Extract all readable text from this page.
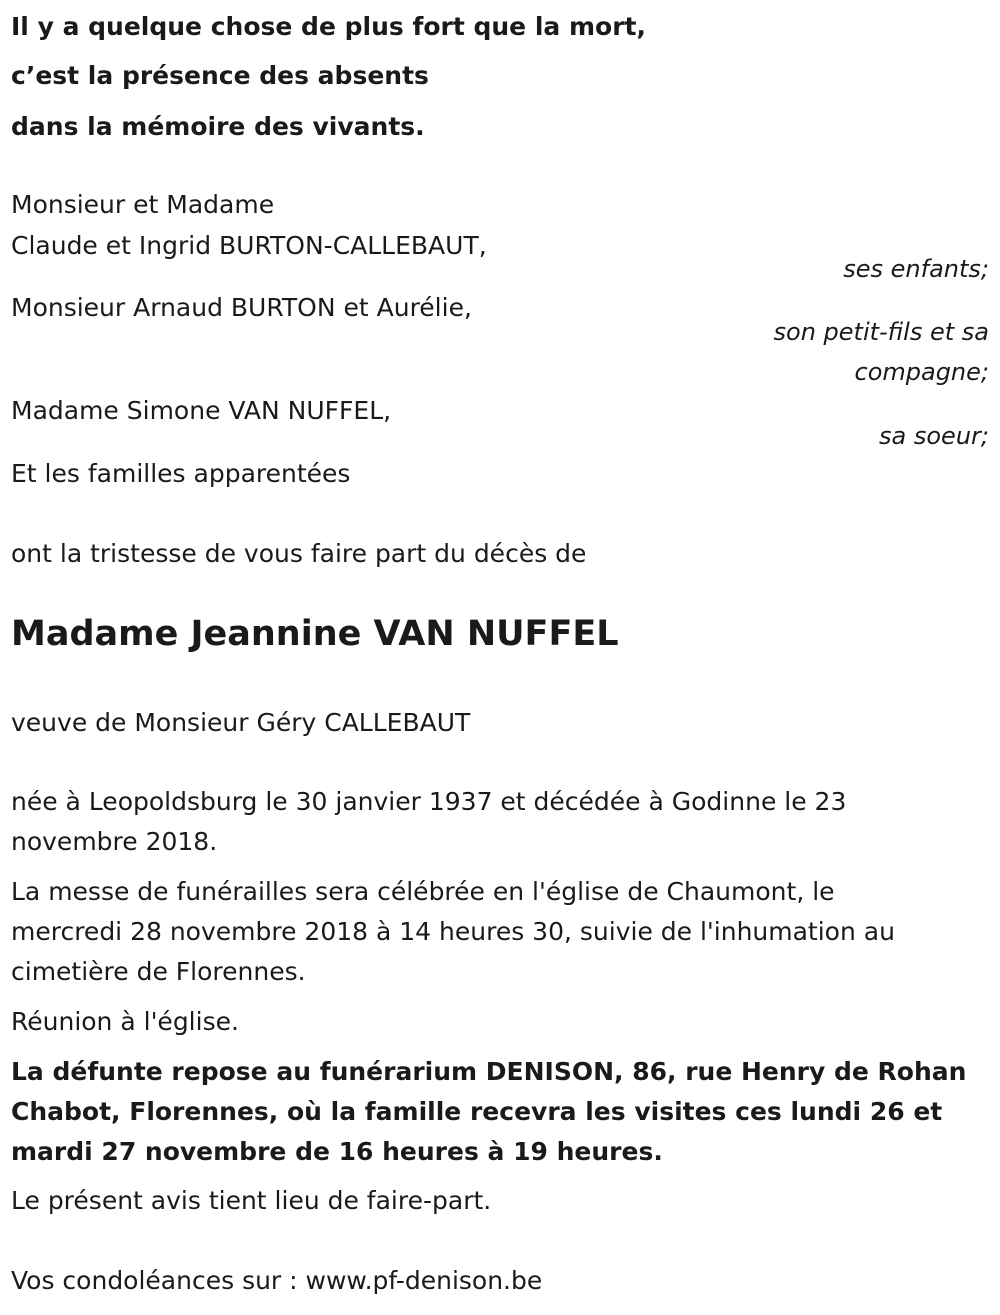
Il y a quelque chose de plus fort que la mort,
c’est la présence des absents
dans la mémoire des vivants.
Monsieur et Madame
Claude et Ingrid BURTON-CALLEBAUT,
ses enfants;
Monsieur Arnaud BURTON et Aurélie,
son petit-fils et sa
compagne;
Madame Simone VAN NUFFEL,
sa soeur;
Et les familles apparentées
ont la tristesse de vous faire part du décès de
Madame Jeannine VAN NUFFEL
veuve de Monsieur Géry CALLEBAUT
née à Leopoldsburg le 30 janvier 1937 et décédée à Godinne le 23
novembre 2018.
La messe de funérailles sera célébrée en l'église de Chaumont, le
mercredi 28 novembre 2018 à 14 heures 30, suivie de l'inhumation au
cimetière de Florennes.
Réunion à l'église.
La défunte repose au funérarium DENISON, 86, rue Henry de Rohan
Chabot, Florennes, où la famille recevra les visites ces lundi 26 et
mardi 27 novembre de 16 heures à 19 heures.
Le présent avis tient lieu de faire-part.
Vos condoléances sur : www.pf-denison.be
